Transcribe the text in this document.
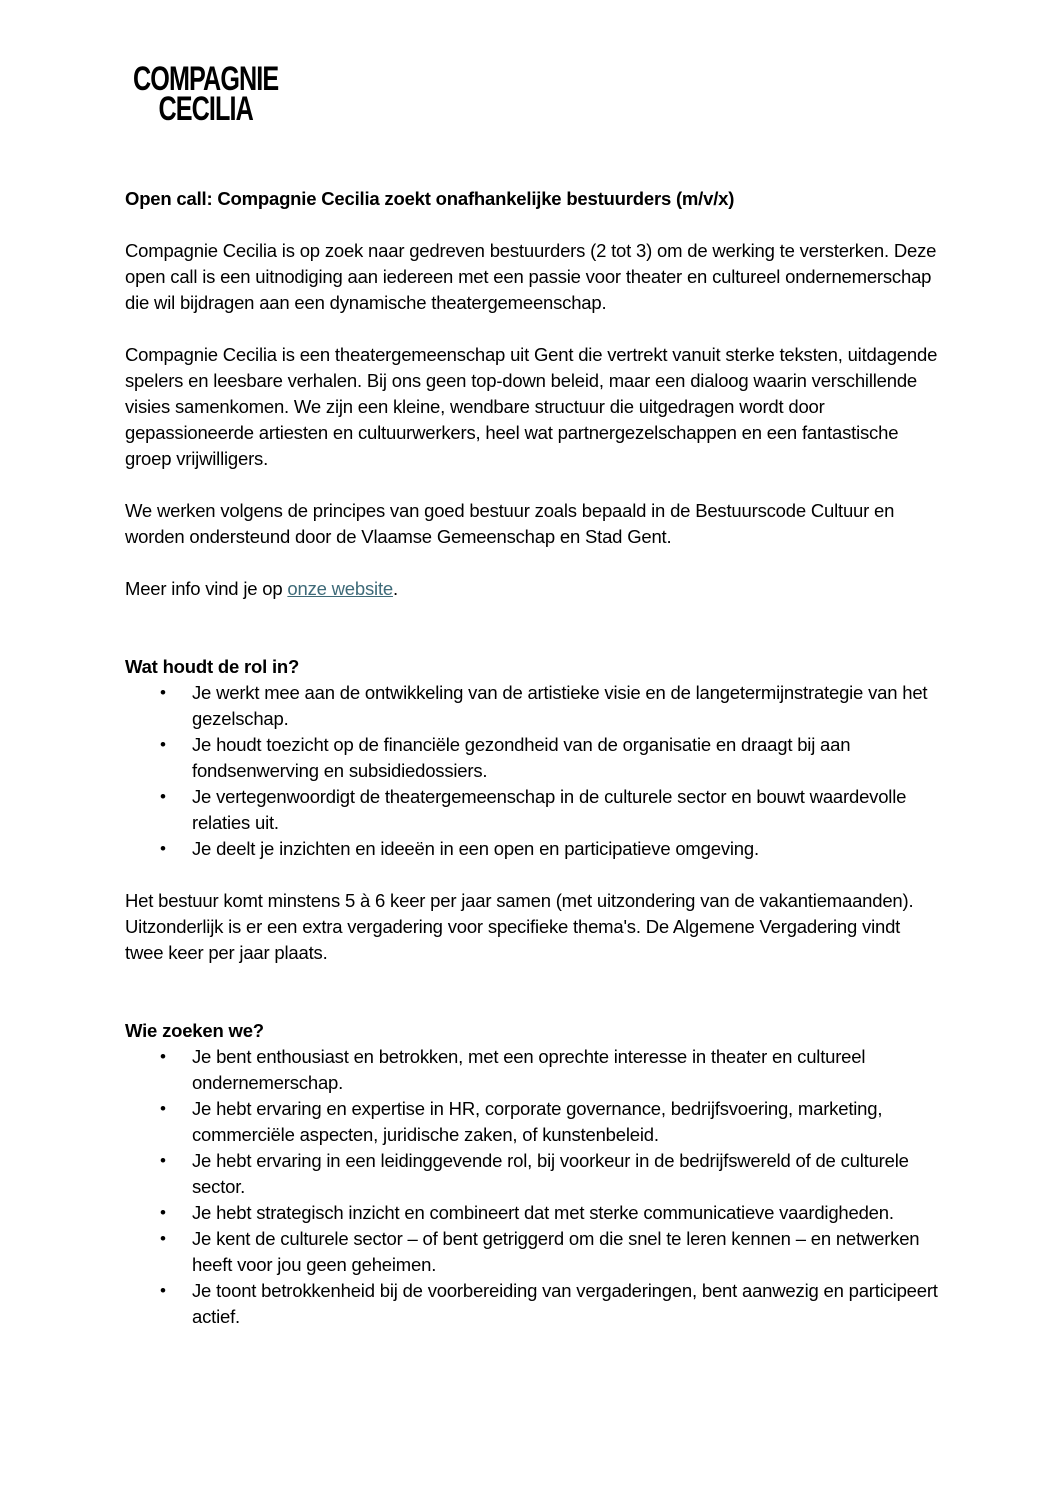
COMPAGNIE
CECILIA

Open call: Compagnie Cecilia zoekt onafhankelijke bestuurders (m/v/x)

Compagnie Cecilia is op zoek naar gedreven bestuurders (2 tot 3) om de werking te versterken. Deze open call is een uitnodiging aan iedereen met een passie voor theater en cultureel ondernemerschap die wil bijdragen aan een dynamische theatergemeenschap.

Compagnie Cecilia is een theatergemeenschap uit Gent die vertrekt vanuit sterke teksten, uitdagende spelers en leesbare verhalen. Bij ons geen top-down beleid, maar een dialoog waarin verschillende visies samenkomen. We zijn een kleine, wendbare structuur die uitgedragen wordt door gepassioneerde artiesten en cultuurwerkers, heel wat partnergezelschappen en een fantastische groep vrijwilligers.

We werken volgens de principes van goed bestuur zoals bepaald in de Bestuurscode Cultuur en worden ondersteund door de Vlaamse Gemeenschap en Stad Gent.

Meer info vind je op onze website.

Wat houdt de rol in?

• Je werkt mee aan de ontwikkeling van de artistieke visie en de langetermijnstrategie van het gezelschap.
• Je houdt toezicht op de financiële gezondheid van de organisatie en draagt bij aan fondsenwerving en subsidiedossiers.
• Je vertegenwoordigt de theatergemeenschap in de culturele sector en bouwt waardevolle relaties uit.
• Je deelt je inzichten en ideeën in een open en participatieve omgeving.

Het bestuur komt minstens 5 à 6 keer per jaar samen (met uitzondering van de vakantiemaanden). Uitzonderlijk is er een extra vergadering voor specifieke thema's. De Algemene Vergadering vindt twee keer per jaar plaats.

Wie zoeken we?

• Je bent enthousiast en betrokken, met een oprechte interesse in theater en cultureel ondernemerschap.
• Je hebt ervaring en expertise in HR, corporate governance, bedrijfsvoering, marketing, commerciële aspecten, juridische zaken, of kunstenbeleid.
• Je hebt ervaring in een leidinggevende rol, bij voorkeur in de bedrijfswereld of de culturele sector.
• Je hebt strategisch inzicht en combineert dat met sterke communicatieve vaardigheden.
• Je kent de culturele sector – of bent getriggerd om die snel te leren kennen – en netwerken heeft voor jou geen geheimen.
• Je toont betrokkenheid bij de voorbereiding van vergaderingen, bent aanwezig en participeert actief.
